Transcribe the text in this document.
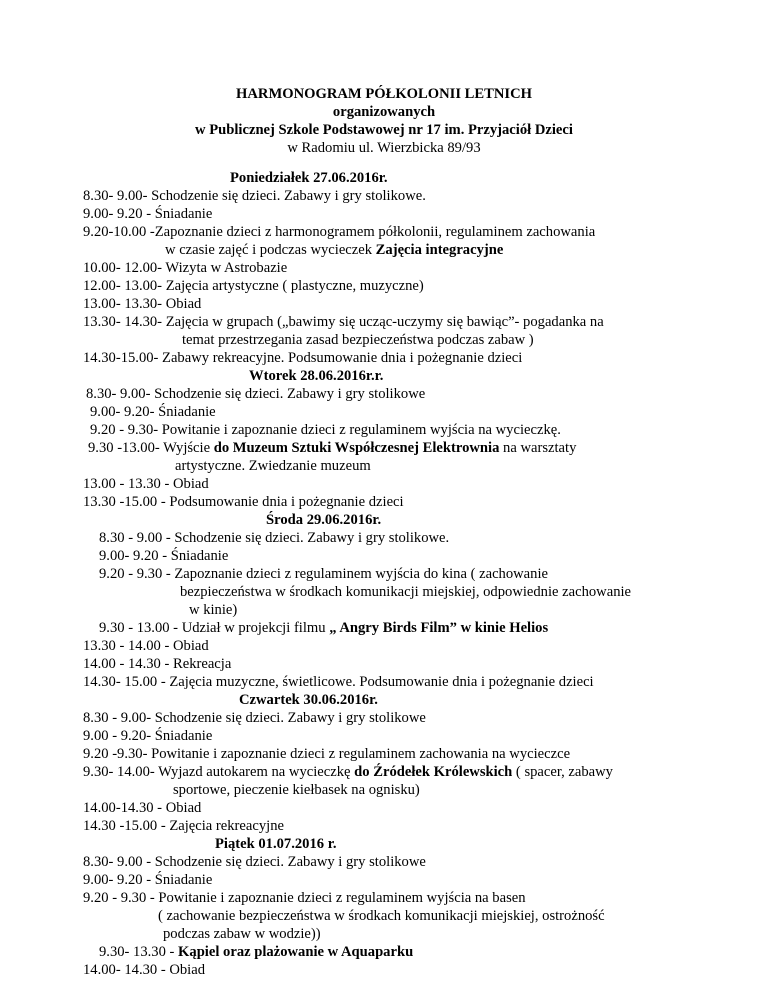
HARMONOGRAM PÓŁKOLONII LETNICH
organizowanych
w Publicznej Szkole Podstawowej nr 17 im. Przyjaciół Dzieci
w Radomiu ul. Wierzbicka 89/93
Poniedziałek 27.06.2016r.
8.30- 9.00- Schodzenie się dzieci. Zabawy i gry stolikowe.
9.00- 9.20 - Śniadanie
9.20-10.00 -Zapoznanie dzieci z harmonogramem półkolonii, regulaminem zachowania
w czasie zajęć i podczas wycieczek Zajęcia integracyjne
10.00- 12.00- Wizyta w Astrobazie
12.00- 13.00- Zajęcia artystyczne ( plastyczne, muzyczne)
13.00- 13.30- Obiad
13.30- 14.30- Zajęcia w grupach („bawimy się ucząc-uczymy się bawiąc”- pogadanka na
temat przestrzegania zasad bezpieczeństwa podczas zabaw )
14.30-15.00- Zabawy rekreacyjne. Podsumowanie dnia i pożegnanie dzieci
Wtorek 28.06.2016r.r.
8.30- 9.00- Schodzenie się dzieci. Zabawy i gry stolikowe
9.00- 9.20- Śniadanie
9.20 - 9.30- Powitanie i zapoznanie dzieci z regulaminem wyjścia na wycieczkę.
9.30 -13.00- Wyjście do Muzeum Sztuki Współczesnej Elektrownia na warsztaty
artystyczne. Zwiedzanie muzeum
13.00 - 13.30 - Obiad
13.30 -15.00 - Podsumowanie dnia i pożegnanie dzieci
Środa 29.06.2016r.
8.30 - 9.00 - Schodzenie się dzieci. Zabawy i gry stolikowe.
9.00- 9.20 - Śniadanie
9.20 - 9.30 - Zapoznanie dzieci z regulaminem wyjścia do kina ( zachowanie
bezpieczeństwa w środkach komunikacji miejskiej, odpowiednie zachowanie
w kinie)
9.30 - 13.00 - Udział w projekcji filmu „ Angry Birds Film” w kinie Helios
13.30 - 14.00 - Obiad
14.00 - 14.30 - Rekreacja
14.30- 15.00 - Zajęcia muzyczne, świetlicowe. Podsumowanie dnia i pożegnanie dzieci
Czwartek 30.06.2016r.
8.30 - 9.00- Schodzenie się dzieci. Zabawy i gry stolikowe
9.00 - 9.20- Śniadanie
9.20 -9.30- Powitanie i zapoznanie dzieci z regulaminem zachowania na wycieczce
9.30- 14.00- Wyjazd autokarem na wycieczkę do Źródełek Królewskich ( spacer, zabawy
sportowe, pieczenie kiełbasek na ognisku)
14.00-14.30 - Obiad
14.30 -15.00 - Zajęcia rekreacyjne
Piątek 01.07.2016 r.
8.30- 9.00 - Schodzenie się dzieci. Zabawy i gry stolikowe
9.00- 9.20 - Śniadanie
9.20 - 9.30 - Powitanie i zapoznanie dzieci z regulaminem wyjścia na basen
( zachowanie bezpieczeństwa w środkach komunikacji miejskiej, ostrożność
podczas zabaw w wodzie))
9.30- 13.30 - Kąpiel oraz plażowanie w Aquaparku
14.00- 14.30 - Obiad
